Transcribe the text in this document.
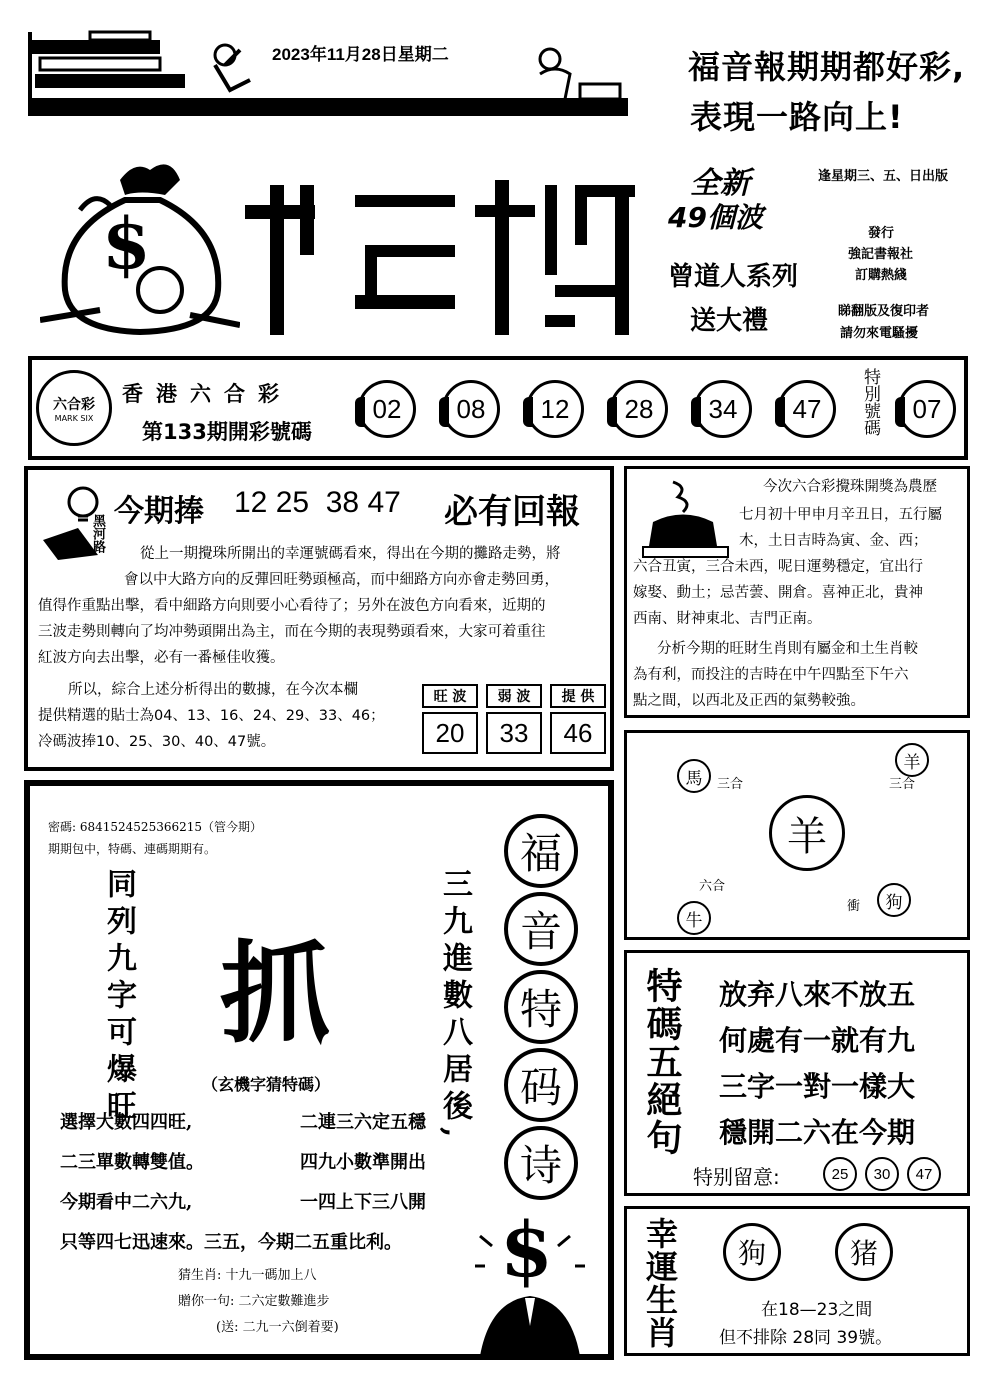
2023年11月28日星期二	福音報期期都好彩,
表現一路向上!
$
全新
49個波
逢星期三、五、日出版
發行
強記書報社
訂購熱綫
曾道人系列
送大禮	睇翻版及復印者
請勿來電騷擾
六合彩
MARK SIX
香港六合彩
第133期開彩號碼
02	08	12	28	34	47	特別號碼	07
黑河路
今期捧 12 25  38 47 必有回報
從上一期攪珠所開出的幸運號碼看來，得出在今期的攤路走勢，將
會以中大路方向的反彈回旺勢頭極高，而中細路方向亦會走勢回勇，
值得作重點出擊，看中細路方向則要小心看待了；另外在波色方向看來，近期的
三波走勢則轉向了均冲勢頭開出為主，而在今期的表現勢頭看來，大家可着重往
紅波方向去出擊，必有一番極佳收獲。
所以，綜合上述分析得出的數據，在今次本欄
提供精選的貼士為04、13、16、24、29、33、46；
冷碼波捧10、25、30、40、47號。
旺 波
20
弱 波
33
提 供
46
今次六合彩攪珠開獎為農歷
七月初十甲申月辛丑日，五行屬
木，土日吉時為寅、金、西；
六合丑寅，三合未西，呢日運勢穩定，宜出行
嫁娶、動土；忌苦蕓、開倉。喜神正北，貴神
西南、財神東北、吉門正南。
分析今期的旺財生肖則有屬金和土生肖較
為有利，而投注的吉時在中午四點至下午六
點之間，以西北及正西的氣勢較強。
馬	三合
羊
三合
羊
六合
牛
衝	狗
密碼: 6841524525366215（管今期）
期期包中，特碼、連碼期期有。
同列九字可爆旺	三九進數八居後,
抓
（玄機字猜特碼）
福
音
特
码
诗
選擇大數四四旺,	二連三六定五穩
二三單數轉雙值。	四九小數準開出
今期看中二六九,	一四上下三八開
只等四七迅速來。三五，今期二五重比利。
猜生肖: 十九一碼加上八
贈你一句: 二六定數難進步
(送: 二九一六倒着要)
$
特碼五絕句 放弃八來不放五
何處有一就有九
三字一對一樣大
穩開二六在今期
特别留意:	25	30	47
幸運生肖	狗	猪
在18—23之間
但不排除 28同 39號。
